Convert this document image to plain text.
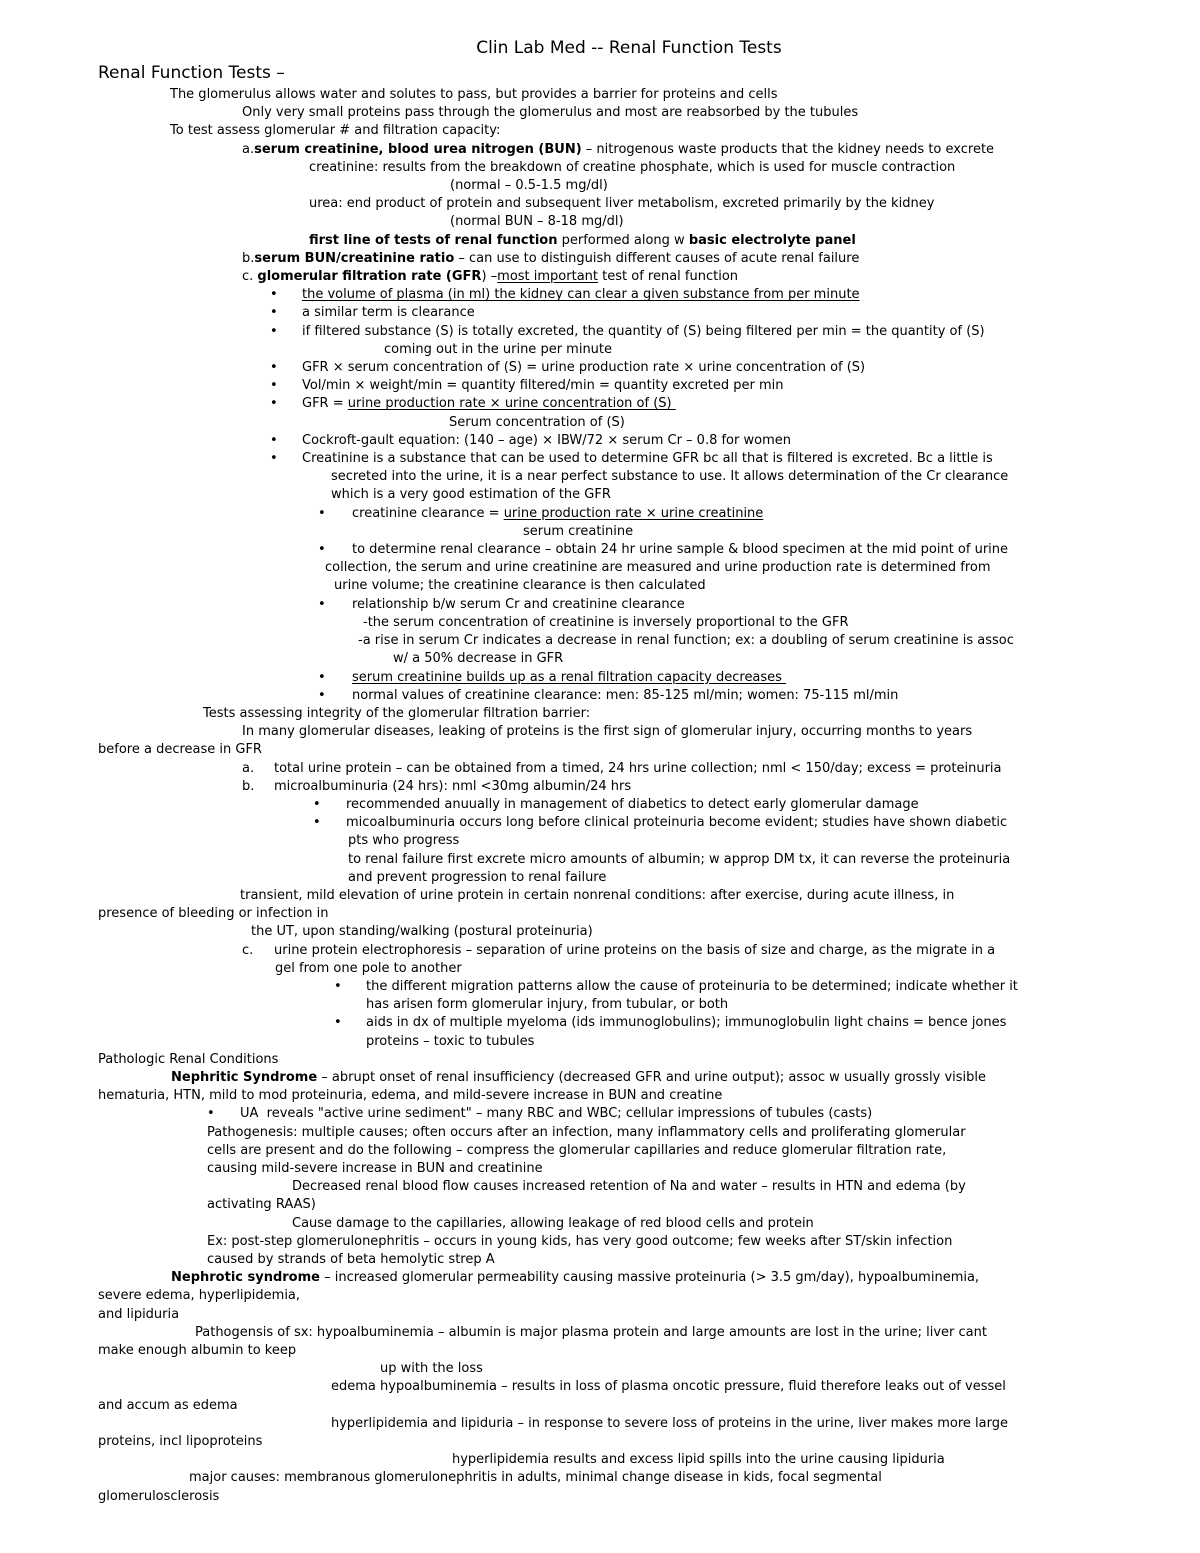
Clin Lab Med -- Renal Function Tests
Renal Function Tests –
The glomerulus allows water and solutes to pass, but provides a barrier for proteins and cells
Only very small proteins pass through the glomerulus and most are reabsorbed by the tubules
To test assess glomerular # and filtration capacity:
a.serum creatinine, blood urea nitrogen (BUN) – nitrogenous waste products that the kidney needs to excrete
creatinine: results from the breakdown of creatine phosphate, which is used for muscle contraction
(normal – 0.5-1.5 mg/dl)
urea: end product of protein and subsequent liver metabolism, excreted primarily by the kidney
(normal BUN – 8-18 mg/dl)
first line of tests of renal function performed along w basic electrolyte panel
b.serum BUN/creatinine ratio – can use to distinguish different causes of acute renal failure
c. glomerular filtration rate (GFR) –most important test of renal function
• the volume of plasma (in ml) the kidney can clear a given substance from per minute
• a similar term is clearance
• if filtered substance (S) is totally excreted, the quantity of (S) being filtered per min = the quantity of (S)
coming out in the urine per minute
• GFR × serum concentration of (S) = urine production rate × urine concentration of (S)
• Vol/min × weight/min = quantity filtered/min = quantity excreted per min
• GFR = urine production rate × urine concentration of (S)
Serum concentration of (S)
• Cockroft-gault equation: (140 – age) × IBW/72 × serum Cr – 0.8 for women
• Creatinine is a substance that can be used to determine GFR bc all that is filtered is excreted. Bc a little is
secreted into the urine, it is a near perfect substance to use. It allows determination of the Cr clearance
which is a very good estimation of the GFR
• creatinine clearance = urine production rate × urine creatinine
serum creatinine
• to determine renal clearance – obtain 24 hr urine sample & blood specimen at the mid point of urine
collection, the serum and urine creatinine are measured and urine production rate is determined from
urine volume; the creatinine clearance is then calculated
• relationship b/w serum Cr and creatinine clearance
-the serum concentration of creatinine is inversely proportional to the GFR
-a rise in serum Cr indicates a decrease in renal function; ex: a doubling of serum creatinine is assoc
w/ a 50% decrease in GFR
• serum creatinine builds up as a renal filtration capacity decreases
• normal values of creatinine clearance: men: 85-125 ml/min; women: 75-115 ml/min
Tests assessing integrity of the glomerular filtration barrier:
In many glomerular diseases, leaking of proteins is the first sign of glomerular injury, occurring months to years
before a decrease in GFR
a. total urine protein – can be obtained from a timed, 24 hrs urine collection; nml < 150/day; excess = proteinuria
b. microalbuminuria (24 hrs): nml <30mg albumin/24 hrs
• recommended anuually in management of diabetics to detect early glomerular damage
• micoalbuminuria occurs long before clinical proteinuria become evident; studies have shown diabetic
pts who progress
to renal failure first excrete micro amounts of albumin; w approp DM tx, it can reverse the proteinuria
and prevent progression to renal failure
transient, mild elevation of urine protein in certain nonrenal conditions: after exercise, during acute illness, in
presence of bleeding or infection in
the UT, upon standing/walking (postural proteinuria)
c. urine protein electrophoresis – separation of urine proteins on the basis of size and charge, as the migrate in a
gel from one pole to another
• the different migration patterns allow the cause of proteinuria to be determined; indicate whether it
has arisen form glomerular injury, from tubular, or both
• aids in dx of multiple myeloma (ids immunoglobulins); immunoglobulin light chains = bence jones
proteins – toxic to tubules
Pathologic Renal Conditions
Nephritic Syndrome – abrupt onset of renal insufficiency (decreased GFR and urine output); assoc w usually grossly visible
hematuria, HTN, mild to mod proteinuria, edema, and mild-severe increase in BUN and creatine
• UA  reveals "active urine sediment" – many RBC and WBC; cellular impressions of tubules (casts)
Pathogenesis: multiple causes; often occurs after an infection, many inflammatory cells and proliferating glomerular
cells are present and do the following – compress the glomerular capillaries and reduce glomerular filtration rate,
causing mild-severe increase in BUN and creatinine
Decreased renal blood flow causes increased retention of Na and water – results in HTN and edema (by
activating RAAS)
Cause damage to the capillaries, allowing leakage of red blood cells and protein
Ex: post-step glomerulonephritis – occurs in young kids, has very good outcome; few weeks after ST/skin infection
caused by strands of beta hemolytic strep A
Nephrotic syndrome – increased glomerular permeability causing massive proteinuria (> 3.5 gm/day), hypoalbuminemia,
severe edema, hyperlipidemia,
and lipiduria
Pathogensis of sx: hypoalbuminemia – albumin is major plasma protein and large amounts are lost in the urine; liver cant
make enough albumin to keep
up with the loss
edema hypoalbuminemia – results in loss of plasma oncotic pressure, fluid therefore leaks out of vessel
and accum as edema
hyperlipidemia and lipiduria – in response to severe loss of proteins in the urine, liver makes more large
proteins, incl lipoproteins
hyperlipidemia results and excess lipid spills into the urine causing lipiduria
major causes: membranous glomerulonephritis in adults, minimal change disease in kids, focal segmental
glomerulosclerosis
